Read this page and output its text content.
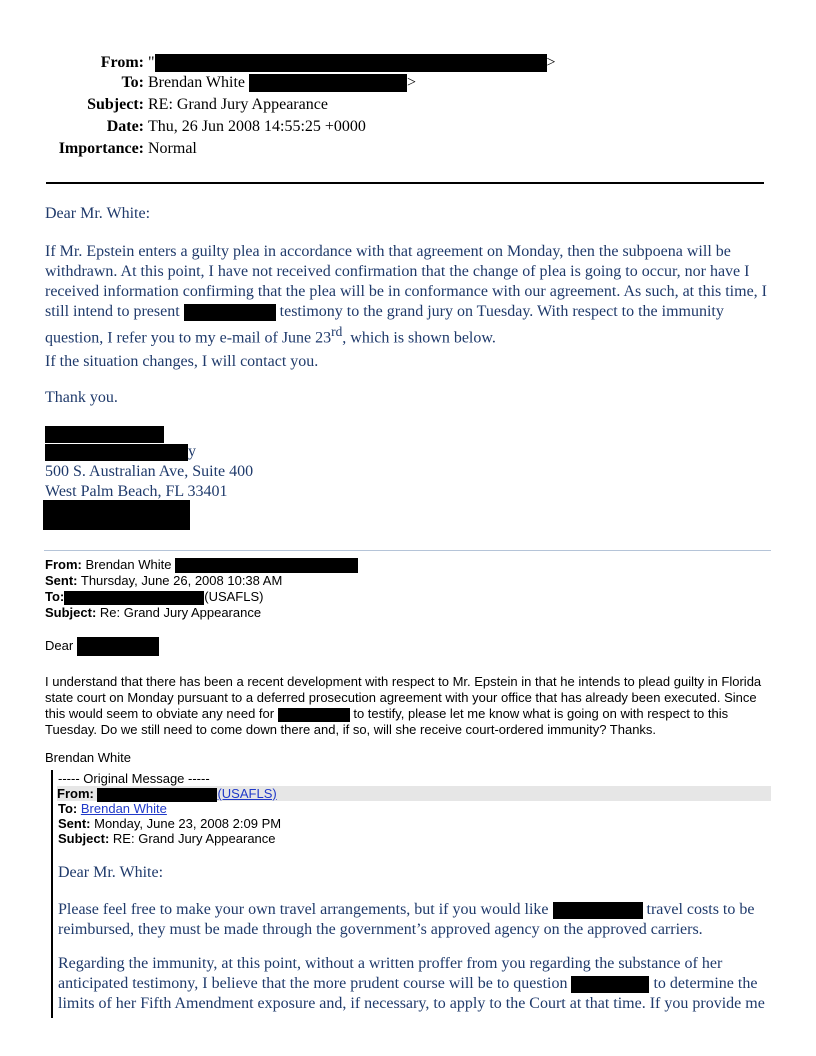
From: "	>
To: Brendan White	>
Subject: RE: Grand Jury Appearance
Date: Thu, 26 Jun 2008 14:55:25 +0000
Importance: Normal
Dear Mr. White:
If Mr. Epstein enters a guilty plea in accordance with that agreement on Monday, then the subpoena will be withdrawn. At this point, I have not received confirmation that the change of plea is going to occur, nor have I received information confirming that the plea will be in conformance with our agreement. As such, at this time, I still intend to present	testimony to the grand jury on Tuesday. With respect to the immunity question, I refer you to my e-mail of June 23rd, which is shown below.
If the situation changes, I will contact you.
Thank you.
y
500 S. Australian Ave, Suite 400
West Palm Beach, FL 33401
From: Brendan White
Sent: Thursday, June 26, 2008 10:38 AM
To:	(USAFLS)
Subject: Re: Grand Jury Appearance
Dear
I understand that there has been a recent development with respect to Mr. Epstein in that he intends to plead guilty in Florida state court on Monday pursuant to a deferred prosecution agreement with your office that has already been executed. Since this would seem to obviate any need for	to testify, please let me know what is going on with respect to this Tuesday. Do we still need to come down there and, if so, will she receive court-ordered immunity? Thanks.
Brendan White
----- Original Message -----
From:	(USAFLS)
To: Brendan White
Sent: Monday, June 23, 2008 2:09 PM
Subject: RE: Grand Jury Appearance
Dear Mr. White:
Please feel free to make your own travel arrangements, but if you would like	travel costs to be reimbursed, they must be made through the government’s approved agency on the approved carriers.
Regarding the immunity, at this point, without a written proffer from you regarding the substance of her anticipated testimony, I believe that the more prudent course will be to question	to determine the limits of her Fifth Amendment exposure and, if necessary, to apply to the Court at that time. If you provide me
